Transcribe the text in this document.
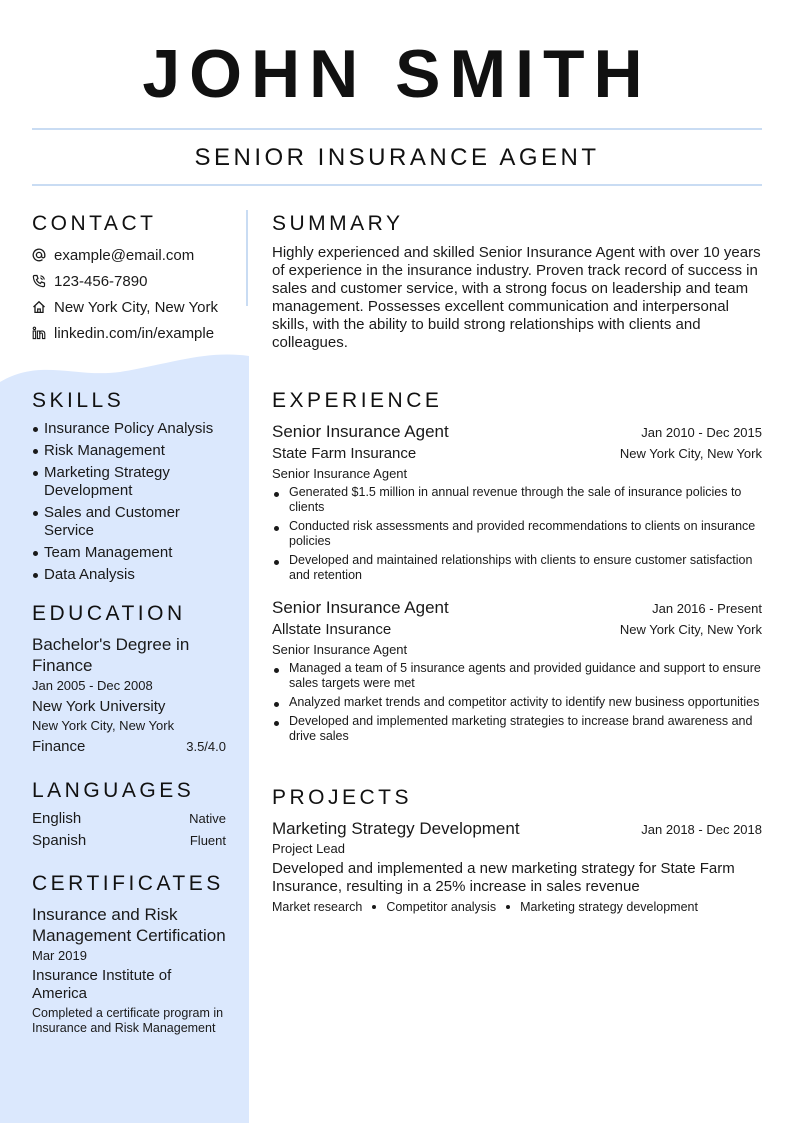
JOHN SMITH
SENIOR INSURANCE AGENT
CONTACT
example@email.com
123-456-7890
New York City, New York
linkedin.com/in/example
SKILLS
Insurance Policy Analysis
Risk Management
Marketing Strategy Development
Sales and Customer Service
Team Management
Data Analysis
EDUCATION
Bachelor's Degree in Finance
Jan 2005 - Dec 2008
New York University
New York City, New York
Finance	3.5/4.0
LANGUAGES
English	Native
Spanish	Fluent
CERTIFICATES
Insurance and Risk Management Certification
Mar 2019
Insurance Institute of America
Completed a certificate program in Insurance and Risk Management
SUMMARY
Highly experienced and skilled Senior Insurance Agent with over 10 years of experience in the insurance industry. Proven track record of success in sales and customer service, with a strong focus on leadership and team management. Possesses excellent communication and interpersonal skills, with the ability to build strong relationships with clients and colleagues.
EXPERIENCE
Senior Insurance Agent	Jan 2010 - Dec 2015
State Farm Insurance	New York City, New York
Senior Insurance Agent
Generated $1.5 million in annual revenue through the sale of insurance policies to clients
Conducted risk assessments and provided recommendations to clients on insurance policies
Developed and maintained relationships with clients to ensure customer satisfaction and retention
Senior Insurance Agent	Jan 2016 - Present
Allstate Insurance	New York City, New York
Senior Insurance Agent
Managed a team of 5 insurance agents and provided guidance and support to ensure sales targets were met
Analyzed market trends and competitor activity to identify new business opportunities
Developed and implemented marketing strategies to increase brand awareness and drive sales
PROJECTS
Marketing Strategy Development	Jan 2018 - Dec 2018
Project Lead
Developed and implemented a new marketing strategy for State Farm Insurance, resulting in a 25% increase in sales revenue
Market research Competitor analysis Marketing strategy development
